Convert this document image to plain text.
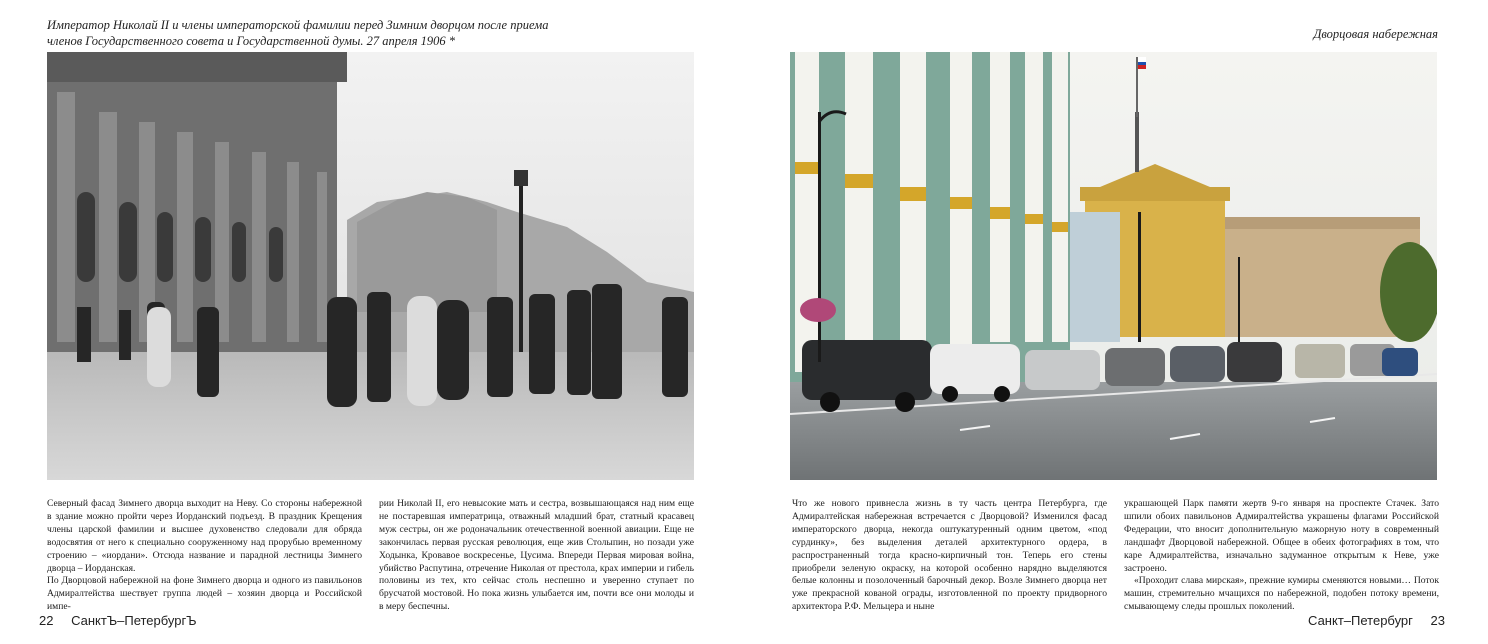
Император Николай II и члены императорской фамилии перед Зимним дворцом после приема
членов Государственного совета и Государственной думы. 27 апреля 1906 *

Северный фасад Зимнего дворца выходит на Неву. Со стороны набережной в здание можно пройти через Иорданский подъезд. В праздник Крещения члены царской фамилии и высшее духовенство следовали для обряда водосвятия от него к специально сооруженному над прорубью временному строению – «иордани». Отсюда название и парадной лестницы Зимнего дворца – Иорданская.

По Дворцовой набережной на фоне Зимнего дворца и одного из павильонов Адмиралтейства шествует группа людей – хозяин дворца и Российской импе-

рии Николай II, его невысокие мать и сестра, возвышающаяся над ним еще не постаревшая императрица, отважный младший брат, статный красавец муж сестры, он же родоначальник отечественной военной авиации. Еще не закончилась первая русская революция, еще жив Столыпин, но позади уже Ходынка, Кровавое воскресенье, Цусима. Впереди Первая мировая война, убийство Распутина, отречение Николая от престола, крах империи и гибель половины из тех, кто сейчас столь неспешно и уверенно ступает по брусчатой мостовой. Но пока жизнь улыбается им, почти все они молоды и в меру беспечны.

22 СанктЪ–ПетербургЪ
Дворцовая набережная

Что же нового привнесла жизнь в ту часть центра Петербурга, где Адмиралтейская набережная встречается с Дворцовой? Изменился фасад императорского дворца, некогда оштукатуренный одним цветом, «под сурдинку», без выделения деталей архитектурного ордера, в распространенный тогда красно-кирпичный тон. Теперь его стены приобрели зеленую окраску, на которой особенно нарядно выделяются белые колонны и позолоченный барочный декор. Возле Зимнего дворца нет уже прекрасной кованой ограды, изготовленной по проекту придворного архитектора Р.Ф. Мельцера и ныне

украшающей Парк памяти жертв 9-го января на проспекте Стачек. Зато шпили обоих павильонов Адмиралтейства украшены флагами Российской Федерации, что вносит дополнительную мажорную ноту в современный ландшафт Дворцовой набережной. Общее в обеих фотографиях в том, что каре Адмиралтейства, изначально задуманное открытым к Неве, уже застроено.

«Проходит слава мирская», прежние кумиры сменяются новыми… Поток машин, стремительно мчащихся по набережной, подобен потоку времени, смывающему следы прошлых поколений.

Санкт–Петербург 23
